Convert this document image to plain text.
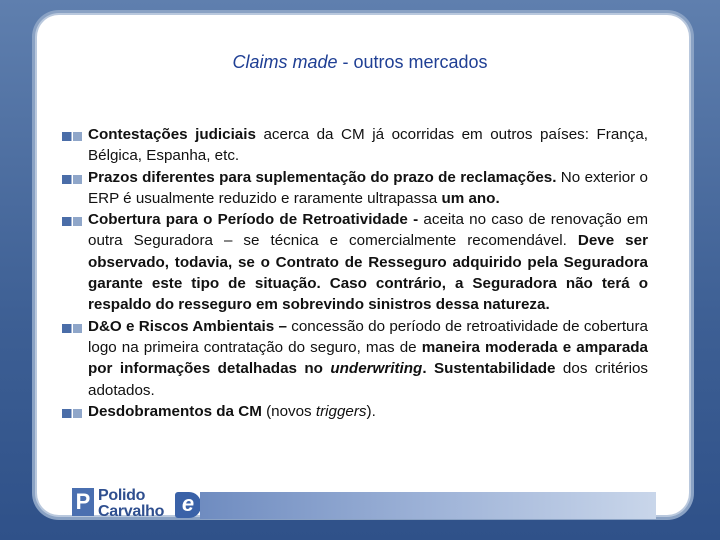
Claims made - outros mercados
Contestações judiciais acerca da CM já ocorridas em outros países: França, Bélgica, Espanha, etc.
Prazos diferentes para suplementação do prazo de reclamações. No exterior o ERP é usualmente reduzido e raramente ultrapassa um ano.
Cobertura para o Período de Retroatividade - aceita no caso de renovação em outra Seguradora – se técnica e comercialmente recomendável. Deve ser observado, todavia, se o Contrato de Resseguro adquirido pela Seguradora garante este tipo de situação. Caso contrário, a Seguradora não terá o respaldo do resseguro em sobrevindo sinistros dessa natureza.
D&O e Riscos Ambientais – concessão do período de retroatividade de cobertura logo na primeira contratação do seguro, mas de maneira moderada e amparada por informações detalhadas no underwriting. Sustentabilidade dos critérios adotados.
Desdobramentos da CM (novos triggers).
P Polido
Carvalho e
